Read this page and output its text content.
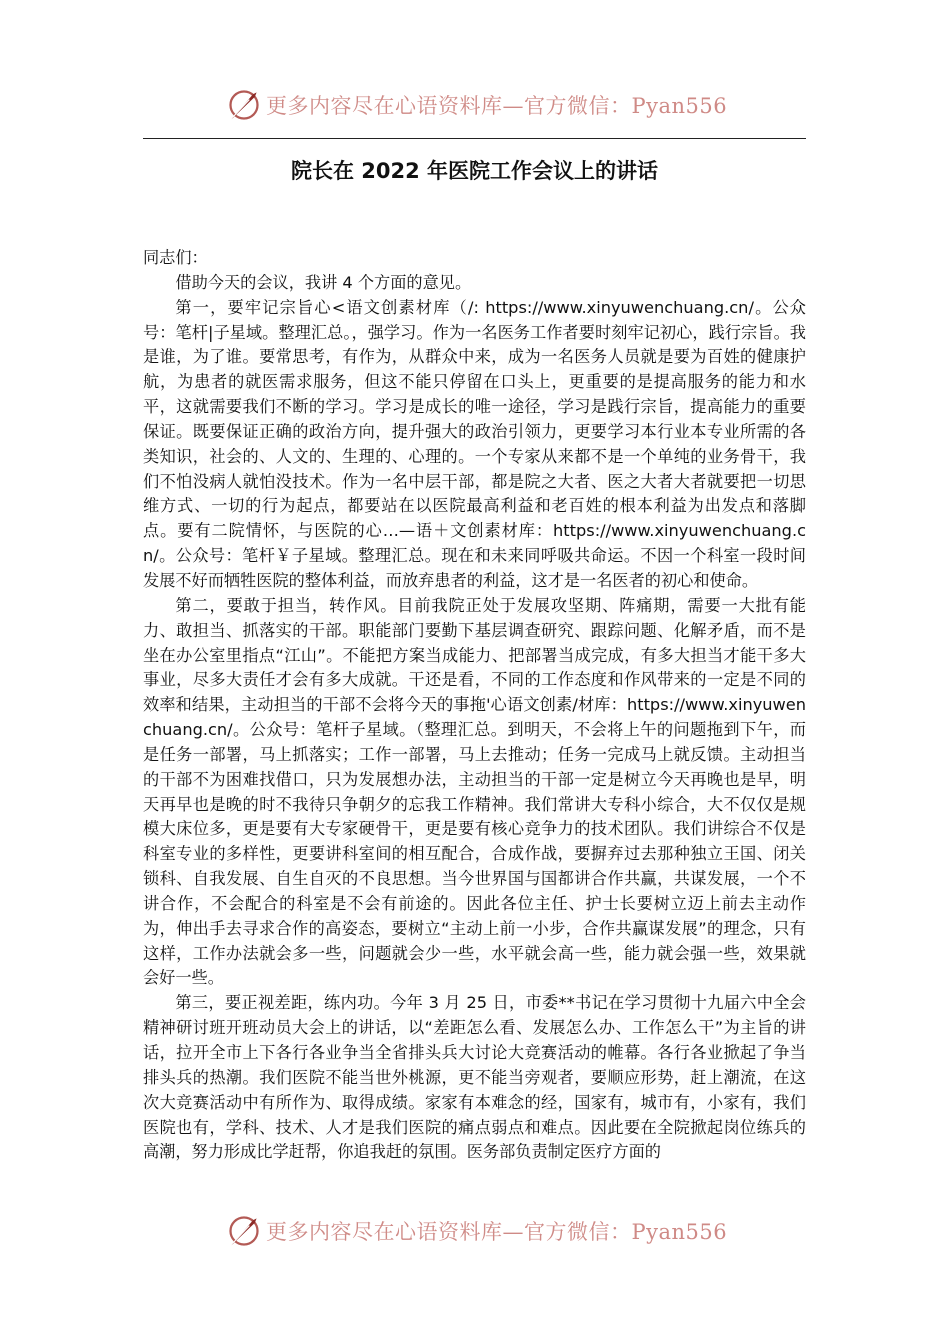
更多内容尽在心语资料库—官方微信：Pyan556
院长在 2022 年医院工作会议上的讲话

同志们：

借助今天的会议，我讲 4 个方面的意见。

第一，要牢记宗旨心<语文创素材库（/: https://www.xinyuwenchuang.cn/。公众号：笔杆|子星域。整理汇总。，强学习。作为一名医务工作者要时刻牢记初心，践行宗旨。我是谁，为了谁。要常思考，有作为，从群众中来，成为一名医务人员就是要为百姓的健康护航，为患者的就医需求服务，但这不能只停留在口头上，更重要的是提高服务的能力和水平，这就需要我们不断的学习。学习是成长的唯一途径，学习是践行宗旨，提高能力的重要保证。既要保证正确的政治方向，提升强大的政治引领力，更要学习本行业本专业所需的各类知识，社会的、人文的、生理的、心理的。一个专家从来都不是一个单纯的业务骨干，我们不怕没病人就怕没技术。作为一名中层干部，都是院之大者、医之大者大者就要把一切思维方式、一切的行为起点，都要站在以医院最高利益和老百姓的根本利益为出发点和落脚点。要有二院情怀，与医院的心…—语＋文创素材库：https://www.xinyuwenchuang.cn/。公众号：笔杆￥子星域。整理汇总。现在和未来同呼吸共命运。不因一个科室一段时间发展不好而牺牲医院的整体利益，而放弃患者的利益，这才是一名医者的初心和使命。

第二，要敢于担当，转作风。目前我院正处于发展攻坚期、阵痛期，需要一大批有能力、敢担当、抓落实的干部。职能部门要勤下基层调查研究、跟踪问题、化解矛盾，而不是坐在办公室里指点“江山”。不能把方案当成能力、把部署当成完成，有多大担当才能干多大事业，尽多大责任才会有多大成就。干还是看，不同的工作态度和作风带来的一定是不同的效率和结果，主动担当的干部不会将今天的事拖'心语文创素/材库：https://www.xinyuwenchuang.cn/。公众号：笔杆子星域。（整理汇总。到明天，不会将上午的问题拖到下午，而是任务一部署，马上抓落实；工作一部署，马上去推动；任务一完成马上就反馈。主动担当的干部不为困难找借口，只为发展想办法，主动担当的干部一定是树立今天再晚也是早，明天再早也是晚的时不我待只争朝夕的忘我工作精神。我们常讲大专科小综合，大不仅仅是规模大床位多，更是要有大专家硬骨干，更是要有核心竞争力的技术团队。我们讲综合不仅是科室专业的多样性，更要讲科室间的相互配合，合成作战，要摒弃过去那种独立王国、闭关锁科、自我发展、自生自灭的不良思想。当今世界国与国都讲合作共赢，共谋发展，一个不讲合作，不会配合的科室是不会有前途的。因此各位主任、护士长要树立迈上前去主动作为，伸出手去寻求合作的高姿态，要树立“主动上前一小步，合作共赢谋发展”的理念，只有这样，工作办法就会多一些，问题就会少一些，水平就会高一些，能力就会强一些，效果就会好一些。

第三，要正视差距，练内功。今年 3 月 25 日，市委**书记在学习贯彻十九届六中全会精神研讨班开班动员大会上的讲话，以“差距怎么看、发展怎么办、工作怎么干”为主旨的讲话，拉开全市上下各行各业争当全省排头兵大讨论大竞赛活动的帷幕。各行各业掀起了争当排头兵的热潮。我们医院不能当世外桃源，更不能当旁观者，要顺应形势，赶上潮流，在这次大竞赛活动中有所作为、取得成绩。家家有本难念的经，国家有，城市有，小家有，我们医院也有，学科、技术、人才是我们医院的痛点弱点和难点。因此要在全院掀起岗位练兵的高潮，努力形成比学赶帮，你追我赶的氛围。医务部负责制定医疗方面的

更多内容尽在心语资料库—官方微信：Pyan556
